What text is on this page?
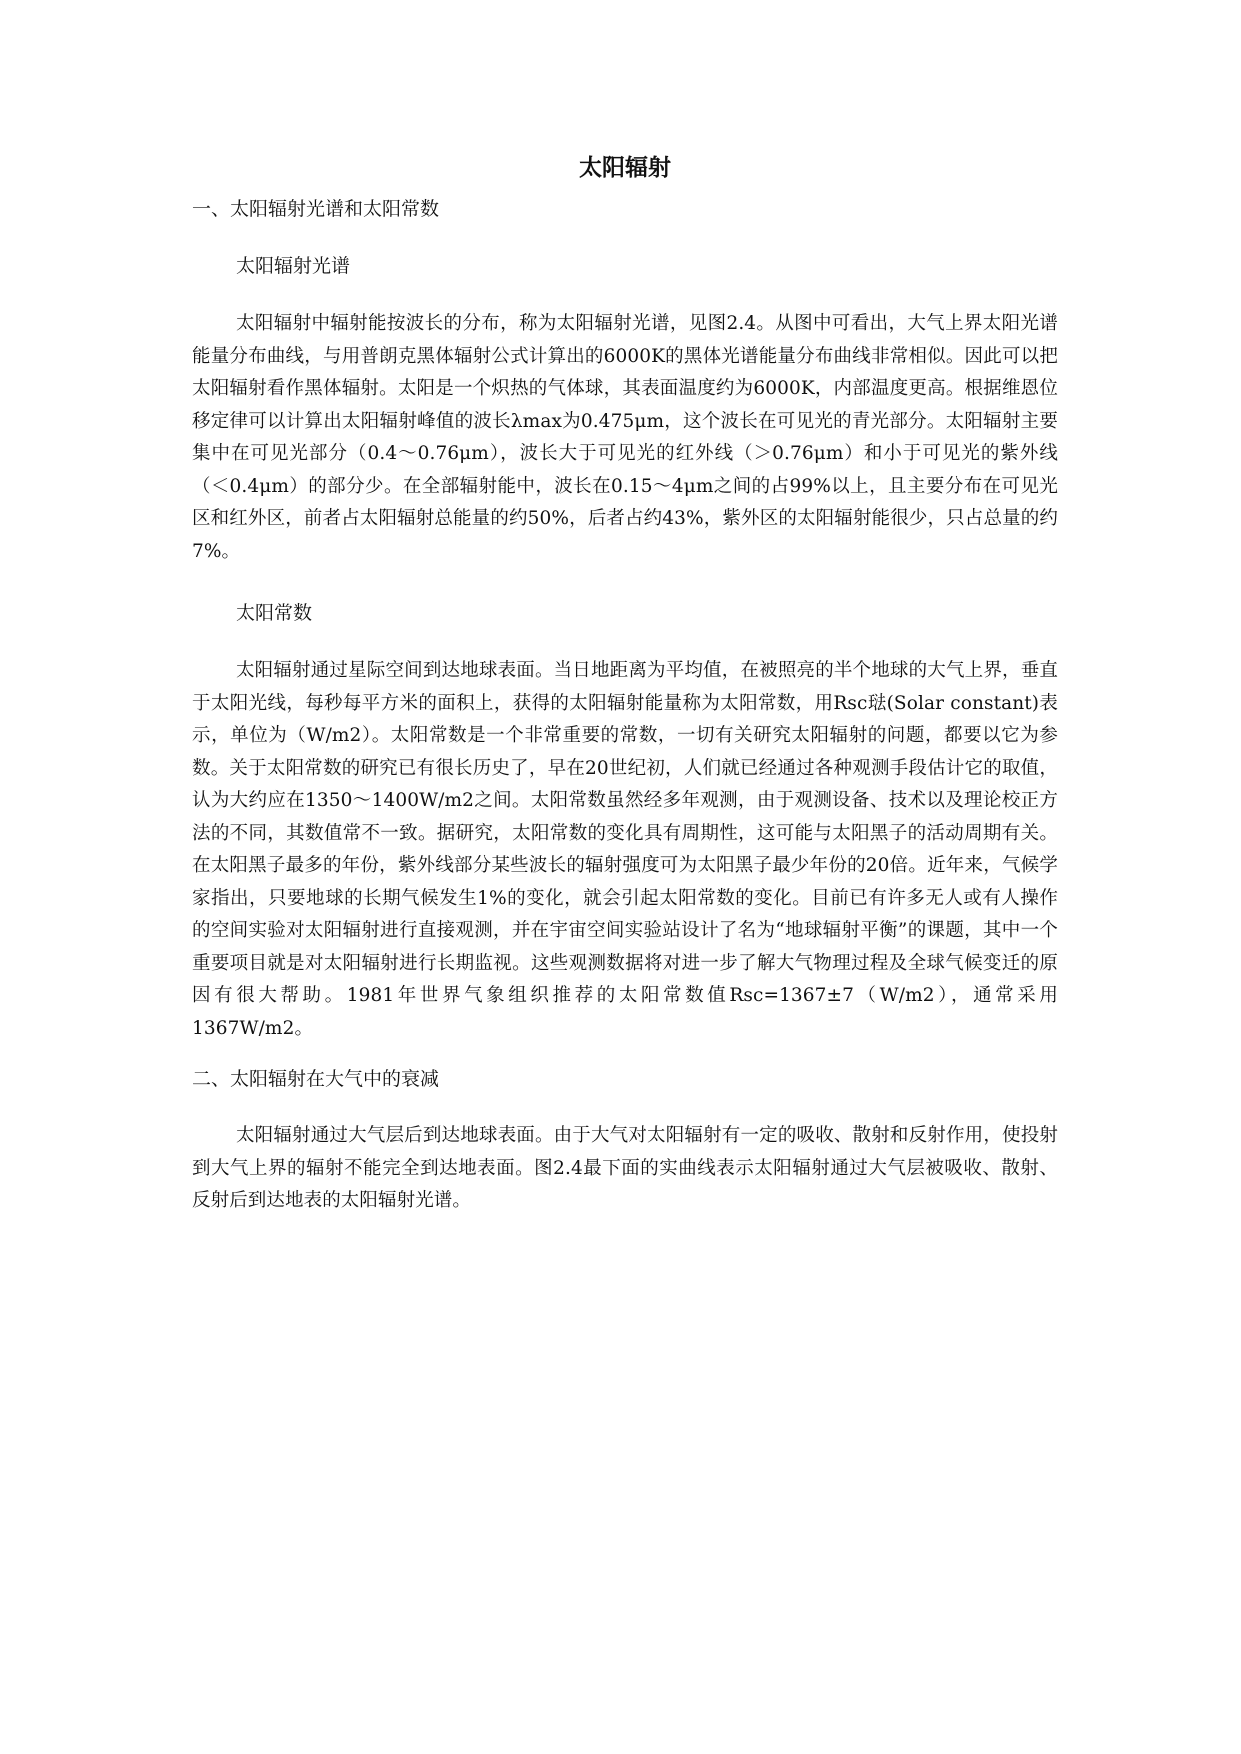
太阳辐射
一、太阳辐射光谱和太阳常数
太阳辐射光谱

太阳辐射中辐射能按波长的分布，称为太阳辐射光谱，见图2.4。从图中可看出，大气上界太阳光谱能量分布曲线，与用普朗克黑体辐射公式计算出的6000K的黑体光谱能量分布曲线非常相似。因此可以把太阳辐射看作黑体辐射。太阳是一个炽热的气体球，其表面温度约为6000K，内部温度更高。根据维恩位移定律可以计算出太阳辐射峰值的波长λmax为0.475μm，这个波长在可见光的青光部分。太阳辐射主要集中在可见光部分（0.4～0.76μm），波长大于可见光的红外线（＞0.76μm）和小于可见光的紫外线（＜0.4μm）的部分少。在全部辐射能中，波长在0.15～4μm之间的占99%以上，且主要分布在可见光区和红外区，前者占太阳辐射总能量的约50%，后者占约43%，紫外区的太阳辐射能很少，只占总量的约7%。

太阳常数

太阳辐射通过星际空间到达地球表面。当日地距离为平均值，在被照亮的半个地球的大气上界，垂直于太阳光线，每秒每平方米的面积上，获得的太阳辐射能量称为太阳常数，用Rsc琺(Solar constant)表示，单位为（W/m2）。太阳常数是一个非常重要的常数，一切有关研究太阳辐射的问题，都要以它为参数。关于太阳常数的研究已有很长历史了，早在20世纪初，人们就已经通过各种观测手段估计它的取值，认为大约应在1350～1400W/m2之间。太阳常数虽然经多年观测，由于观测设备、技术以及理论校正方法的不同，其数值常不一致。据研究，太阳常数的变化具有周期性，这可能与太阳黑子的活动周期有关。在太阳黑子最多的年份，紫外线部分某些波长的辐射强度可为太阳黑子最少年份的20倍。近年来，气候学家指出，只要地球的长期气候发生1%的变化，就会引起太阳常数的变化。目前已有许多无人或有人操作的空间实验对太阳辐射进行直接观测，并在宇宙空间实验站设计了名为“地球辐射平衡”的课题，其中一个重要项目就是对太阳辐射进行长期监视。这些观测数据将对进一步了解大气物理过程及全球气候变迁的原因有很大帮助。1981年世界气象组织推荐的太阳常数值Rsc=1367±7（W/m2），通常采用1367W/m2。

二、太阳辐射在大气中的衰减

太阳辐射通过大气层后到达地球表面。由于大气对太阳辐射有一定的吸收、散射和反射作用，使投射到大气上界的辐射不能完全到达地表面。图2.4最下面的实曲线表示太阳辐射通过大气层被吸收、散射、反射后到达地表的太阳辐射光谱。
